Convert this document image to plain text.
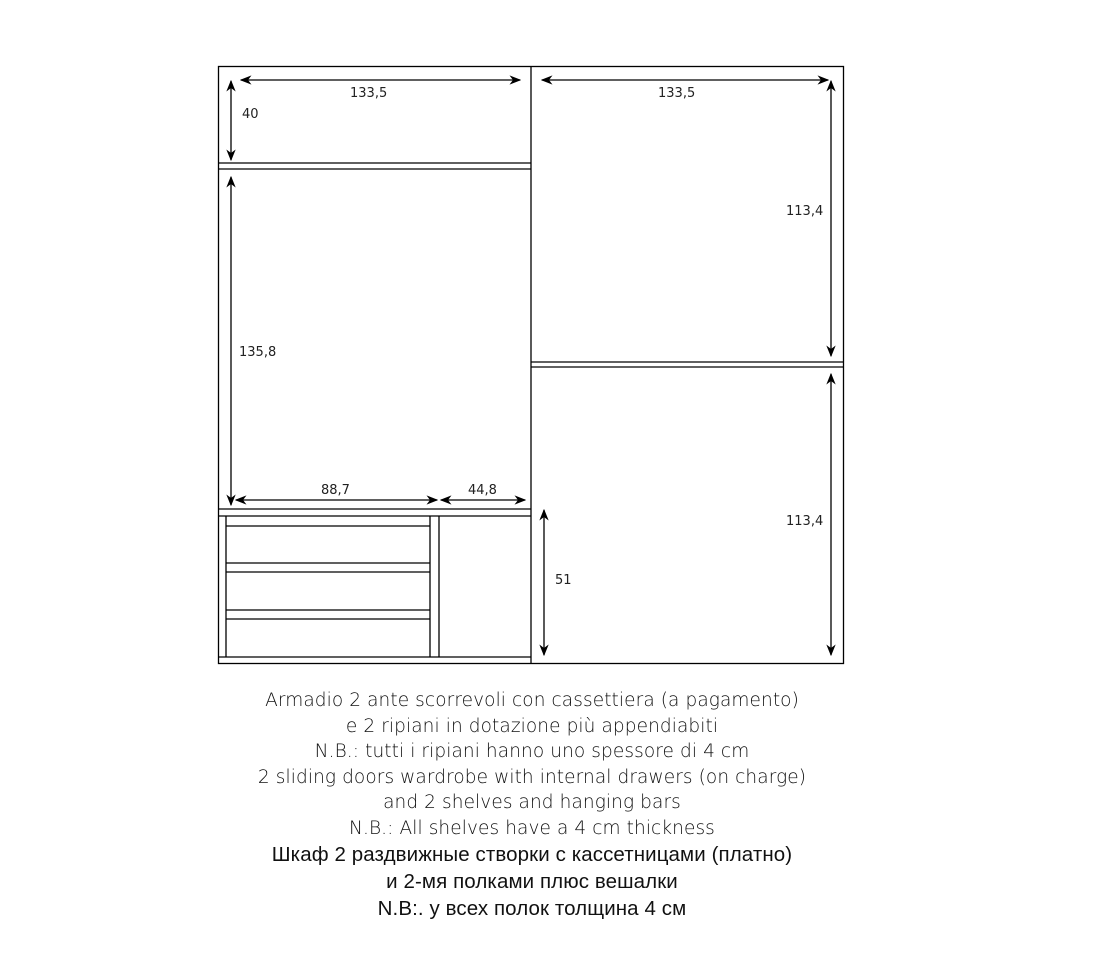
133,5	133,5
40
135,8
88,7	44,8
113,4
113,4
51
Armadio 2 ante scorrevoli con cassettiera (a pagamento)
e 2 ripiani in dotazione più appendiabiti
N.B.: tutti i ripiani hanno uno spessore di 4 cm
2 sliding doors wardrobe with internal drawers (on charge)
and 2 shelves and hanging bars
N.B.: All shelves have a 4 cm thickness
Шкаф 2 раздвижные створки с кассетницами (платно)
и 2-мя полками плюс вешалки
N.B:. у всех полок толщина 4 см
